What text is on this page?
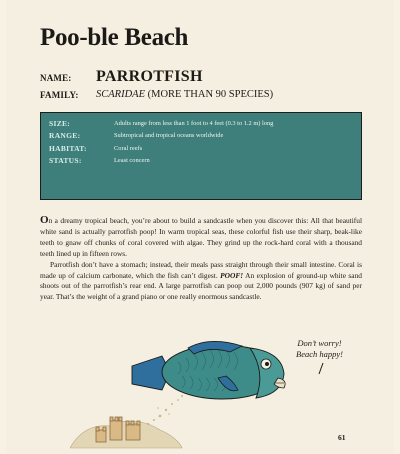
Poo-ble Beach
NAME: PARROTFISH
FAMILY: SCARIDAE (MORE THAN 90 SPECIES)
SIZE:	Adults range from less than 1 foot to 4 feet (0.3 to 1.2 m) long
RANGE:	Subtropical and tropical oceans worldwide
HABITAT:	Coral reefs
STATUS:	Least concern

On a dreamy tropical beach, you’re about to build a sandcastle when you discover this: All that beautiful white sand is actually parrotfish poop! In warm tropical seas, these colorful fish use their sharp, beak-like teeth to gnaw off chunks of coral covered with algae. They grind up the rock-hard coral with a thousand teeth lined up in fifteen rows.

Parrotfish don’t have a stomach; instead, their meals pass straight through their small intestine. Coral is made up of calcium carbonate, which the fish can’t digest. POOF! An explosion of ground-up white sand shoots out of the parrotfish’s rear end. A large parrotfish can poop out 2,000 pounds (907 kg) of sand per year. That’s the weight of a grand piano or one really enormous sandcastle.

Don’t worry!
Beach happy!
61
